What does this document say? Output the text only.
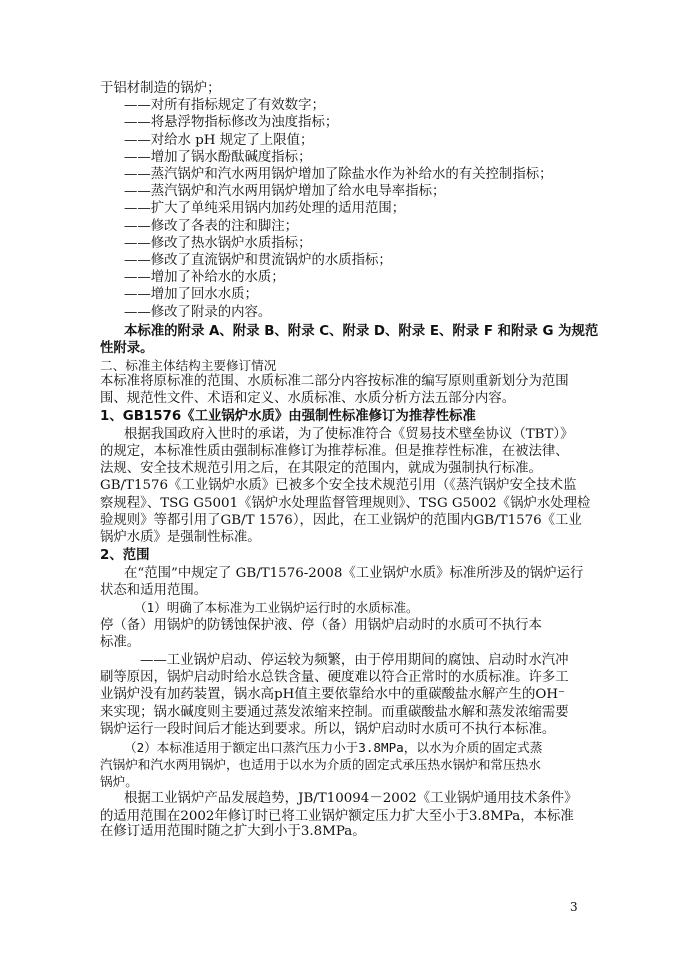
于铝材制造的锅炉；
——对所有指标规定了有效数字；
——将悬浮物指标修改为浊度指标；
——对给水 pH 规定了上限值；
——增加了锅水酚酞碱度指标；
——蒸汽锅炉和汽水两用锅炉增加了除盐水作为补给水的有关控制指标；
——蒸汽锅炉和汽水两用锅炉增加了给水电导率指标；
——扩大了单纯采用锅内加药处理的适用范围；
——修改了各表的注和脚注；
——修改了热水锅炉水质指标；
——修改了直流锅炉和贯流锅炉的水质指标；
——增加了补给水的水质；
——增加了回水水质；
——修改了附录的内容。
本标准的附录 A、附录 B、附录 C、附录 D、附录 E、附录 F 和附录 G 为规范
性附录。
二、标准主体结构主要修订情况
本标准将原标准的范围、水质标准二部分内容按标准的编写原则重新划分为范围
围、规范性文件、术语和定义、水质标准、水质分析方法五部分内容。
1、GB1576《工业锅炉水质》由强制性标准修订为推荐性标准
根据我国政府入世时的承诺，为了使标准符合《贸易技术壁垒协议（TBT）》
的规定，本标准性质由强制标准修订为推荐标准。但是推荐性标准，在被法律、
法规、安全技术规范引用之后，在其限定的范围内，就成为强制执行标准。
GB/T1576《工业锅炉水质》已被多个安全技术规范引用（《蒸汽锅炉安全技术监
察规程》、TSG G5001《锅炉水处理监督管理规则》、TSG G5002《锅炉水处理检
验规则》等都引用了GB/T 1576），因此，在工业锅炉的范围内GB/T1576《工业
锅炉水质》是强制性标准。
2、范围
在“范围”中规定了 GB/T1576-2008《工业锅炉水质》标准所涉及的锅炉运行
状态和适用范围。
（1）明确了本标准为工业锅炉运行时的水质标准。
停（备）用锅炉的防锈蚀保护液、停（备）用锅炉启动时的水质可不执行本
标准。
——工业锅炉启动、停运较为频繁，由于停用期间的腐蚀、启动时水汽冲
刷等原因，锅炉启动时给水总铁含量、硬度难以符合正常时的水质标准。许多工
业锅炉没有加药装置，锅水高pH值主要依靠给水中的重碳酸盐水解产生的OH⁻
来实现；锅水碱度则主要通过蒸发浓缩来控制。而重碳酸盐水解和蒸发浓缩需要
锅炉运行一段时间后才能达到要求。所以，锅炉启动时水质可不执行本标准。
（2）本标准适用于额定出口蒸汽压力小于3.8MPa，以水为介质的固定式蒸
汽锅炉和汽水两用锅炉，也适用于以水为介质的固定式承压热水锅炉和常压热水
锅炉。
根据工业锅炉产品发展趋势，JB/T10094－2002《工业锅炉通用技术条件》
的适用范围在2002年修订时已将工业锅炉额定压力扩大至小于3.8MPa，本标准
在修订适用范围时随之扩大到小于3.8MPa。
3
